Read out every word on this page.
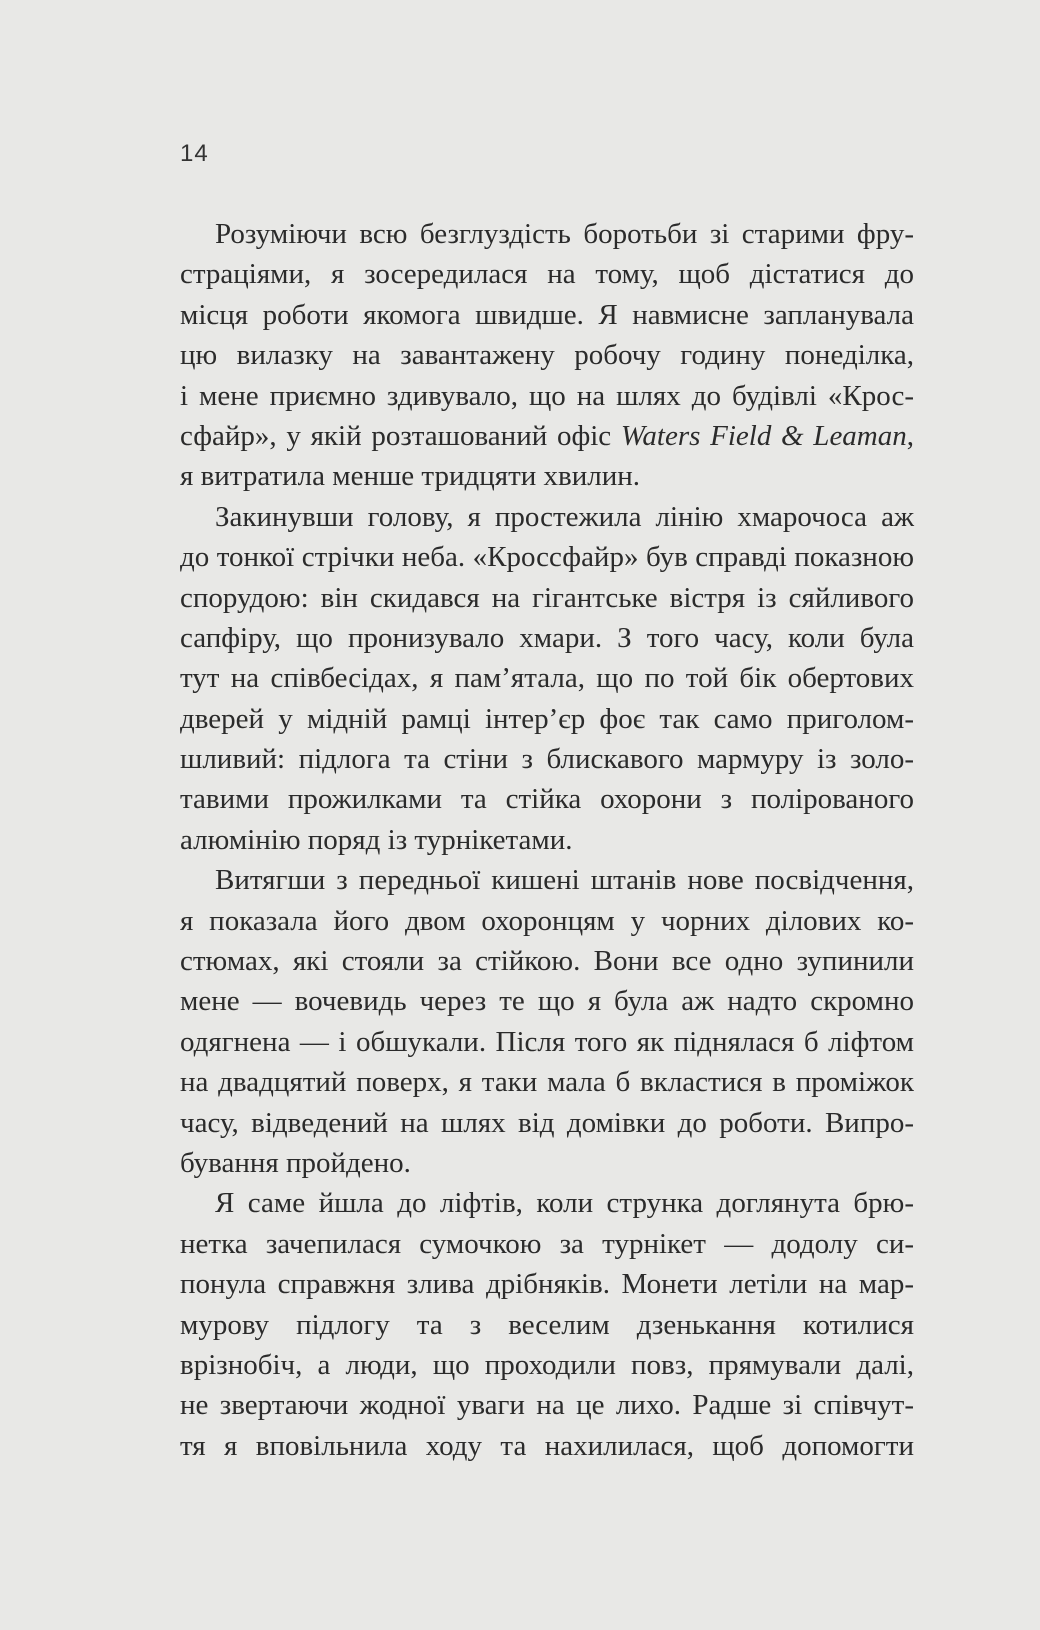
14
Розуміючи всю безглуздість боротьби зі старими фру-
страціями, я зосередилася на тому, щоб дістатися до
місця роботи якомога швидше. Я навмисне запланувала
цю вилазку на завантажену робочу годину понеділка,
і мене приємно здивувало, що на шлях до будівлі «Крос-
сфайр», у якій розташований офіс Waters Field & Leaman,
я витратила менше тридцяти хвилин.
Закинувши голову, я простежила лінію хмарочоса аж
до тонкої стрічки неба. «Кроссфайр» був справді показною
спорудою: він скидався на гігантське вістря із сяйливого
сапфіру, що пронизувало хмари. З того часу, коли була
тут на співбесідах, я пам’ятала, що по той бік обертових
дверей у мідній рамці інтер’єр фоє так само приголом-
шливий: підлога та стіни з блискавого мармуру із золо-
тавими прожилками та стійка охорони з полірованого
алюмінію поряд із турнікетами.
Витягши з передньої кишені штанів нове посвідчення,
я показала його двом охоронцям у чорних ділових ко-
стюмах, які стояли за стійкою. Вони все одно зупинили
мене — вочевидь через те що я була аж надто скромно
одягнена — і обшукали. Після того як піднялася б ліфтом
на двадцятий поверх, я таки мала б вкластися в проміжок
часу, відведений на шлях від домівки до роботи. Випро-
бування пройдено.
Я саме йшла до ліфтів, коли струнка доглянута брю-
нетка зачепилася сумочкою за турнікет — додолу си-
понула справжня злива дрібняків. Монети летіли на мар-
мурову підлогу та з веселим дзенькання котилися
врізнобіч, а люди, що проходили повз, прямували далі,
не звертаючи жодної уваги на це лихо. Радше зі співчут-
тя я вповільнила ходу та нахилилася, щоб допомогти
